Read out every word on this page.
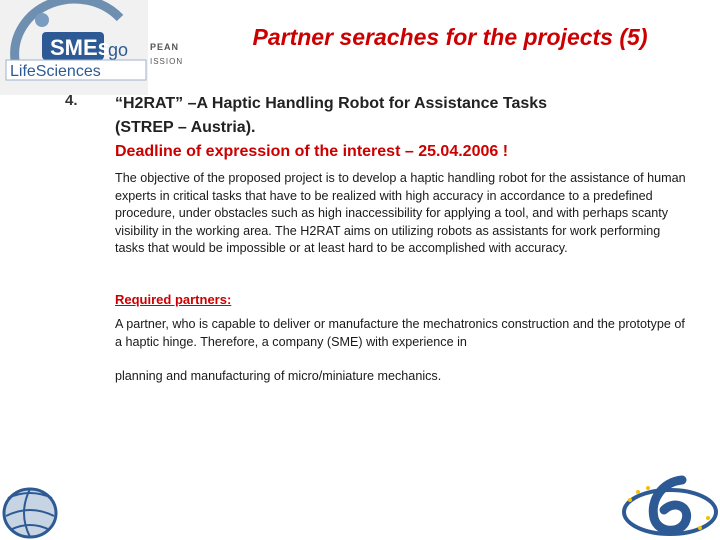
SMEs
go
LifeSciences
PEAN
ISSION
Partner seraches for the projects (5)
4. “H2RAT” –A Haptic Handling Robot for Assistance Tasks
(STREP – Austria).
Deadline of expression of the interest – 25.04.2006 !

The objective of the proposed project is to develop a haptic handling robot for the assistance of human experts in critical tasks that have to be realized with high accuracy in accordance to a predefined procedure, under obstacles such as high inaccessibility for applying a tool, and with perhaps scanty visibility in the working area. The H2RAT aims on utilizing robots as assistants for work performing tasks that would be impossible or at least hard to be accomplished with accuracy.

Required partners:

A partner, who is capable to deliver or manufacture the mechatronics construction and the prototype of a haptic hinge. Therefore, a company (SME) with experience in

planning and manufacturing of micro/miniature mechanics.
